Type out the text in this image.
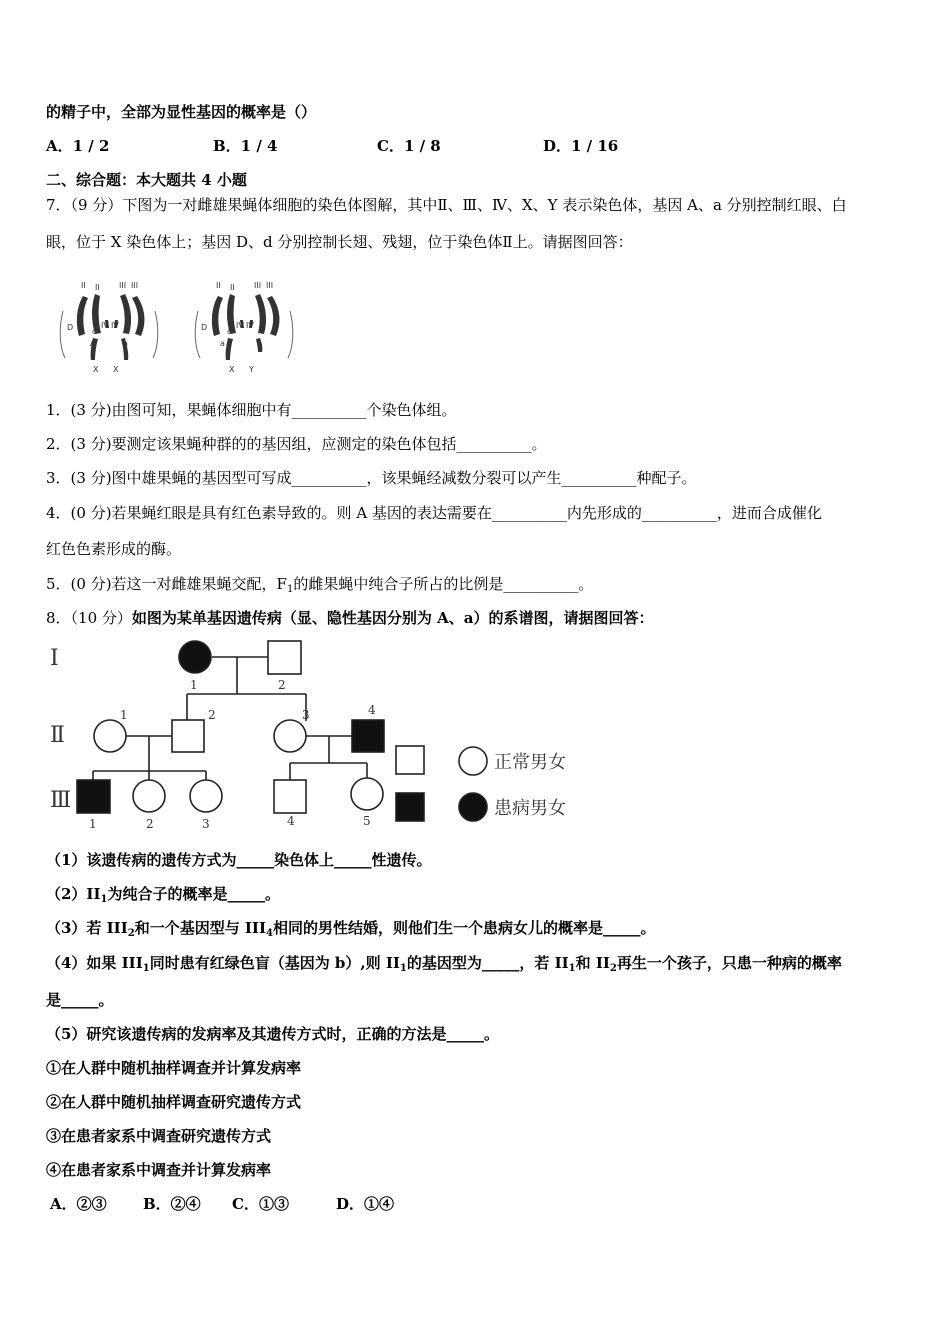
的精子中，全部为显性基因的概率是（）
A．1 / 2	B．1 / 4	C．1 / 8	D．1 / 16
二、综合题：本大题共 4 小题
7．（9 分）下图为一对雌雄果蝇体细胞的染色体图解，其中Ⅱ、Ⅲ、Ⅳ、X、Y 表示染色体，基因 A、a 分别控制红眼、白
眼，位于 X 染色体上；基因 D、d 分别控制长翅、残翅，位于染色体Ⅱ上。请据图回答：
II II III III
IV IV
D d
A	a
X X
II II III III
IV IV
D d
a
X Y
1．(3 分)由图可知，果蝇体细胞中有__________个染色体组。
2．(3 分)要测定该果蝇种群的的基因组，应测定的染色体包括__________。
3．(3 分)图中雄果蝇的基因型可写成__________，该果蝇经减数分裂可以产生__________种配子。
4．(0 分)若果蝇红眼是具有红色素导致的。则 A 基因的表达需要在__________内先形成的__________，进而合成催化
红色色素形成的酶。
5．(0 分)若这一对雌雄果蝇交配，$F_1$的雌果蝇中纯合子所占的比例是__________。
8．（10 分）如图为某单基因遗传病（显、隐性基因分别为 A、a）的系谱图，请据图回答：
Ⅰ
Ⅱ
Ⅲ
1	2
1	2	3	4
1	2	3	4	5
正常男女
患病男女
（1）该遗传病的遗传方式为_____染色体上_____性遗传。
$(2)II_1$为纯合子的概率是_____。
（3）若 $III_2$和一个基因型与 $III_4$相同的男性结婚，则他们生一个患病女儿的概率是_____。
（4）如果 $III_1$同时患有红绿色盲（基因为 b）,则 $II_1$的基因型为_____，若 $II_1$和 $II_2$再生一个孩子，只患一种病的概率
是_____。
（5）研究该遗传病的发病率及其遗传方式时，正确的方法是_____。
①在人群中随机抽样调查并计算发病率
②在人群中随机抽样调查研究遗传方式
③在患者家系中调查研究遗传方式
④在患者家系中调查并计算发病率
A．②③ B．②④ C．①③	D．①④
